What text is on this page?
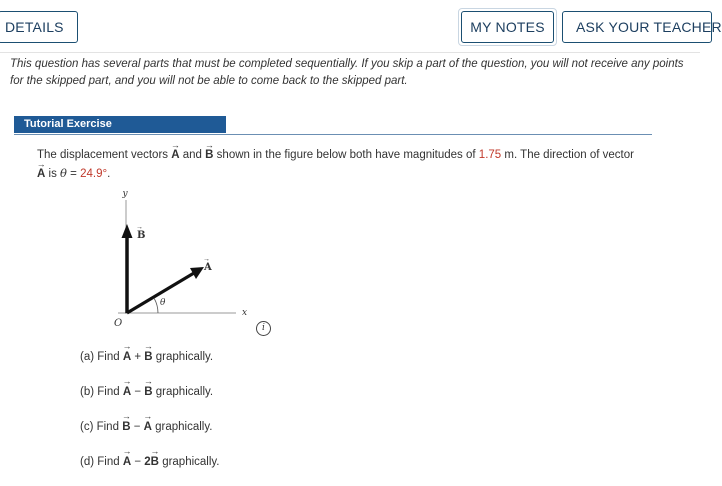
DETAILS	MY NOTES	ASK YOUR TEACHER
This question has several parts that must be completed sequentially. If you skip a part of the question, you will not receive any points for the skipped part, and you will not be able to come back to the skipped part.
Tutorial Exercise
The displacement vectors → A and → B shown in the figure below both have magnitudes of 1.75 m. The direction of vector → A is θ = 24.9°.
y
x
O
θ
B
→
A
→
i
(a) Find → A + → B graphically.
(b) Find → A − → B graphically.
(c) Find → B − → A graphically.
(d) Find → A − 2→ B graphically.
